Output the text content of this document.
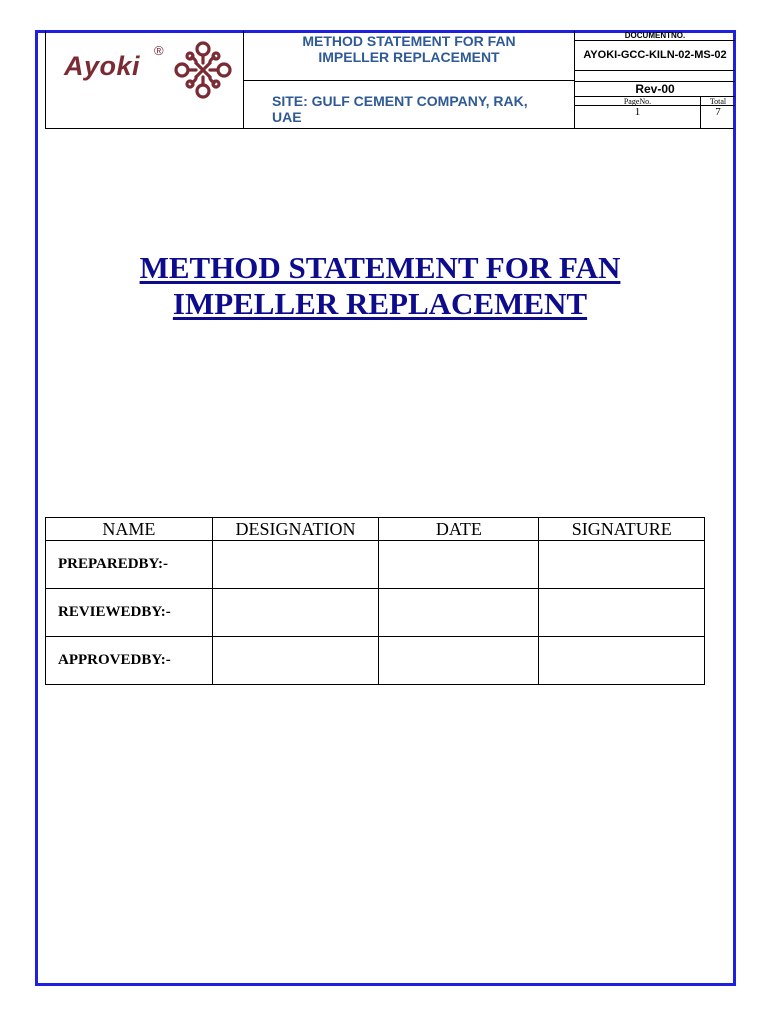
Ayoki
®
METHOD STATEMENT FOR FAN
IMPELLER REPLACEMENT
SITE: GULF CEMENT COMPANY, RAK,
UAE
DOCUMENTNO.
AYOKI-GCC-KILN-02-MS-02
Rev-00
PageNo.	Total
1	7
METHOD STATEMENT FOR FAN
IMPELLER REPLACEMENT
NAME	DESIGNATION	DATE	SIGNATURE
PREPAREDBY:-			
REVIEWEDBY:-			
APPROVEDBY:-			
